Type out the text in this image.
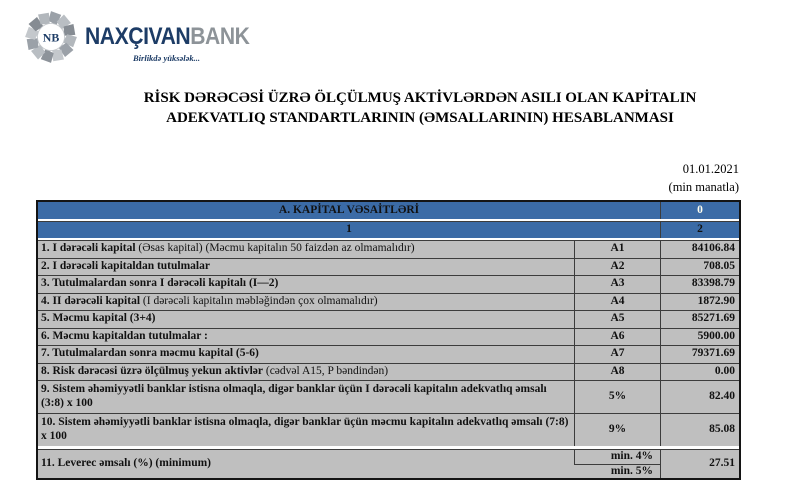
NB NAXÇIVANBANK
Birlikdə yüksələk...
RİSK DƏRƏCƏSİ ÜZRƏ ÖLÇÜLMUŞ AKTİVLƏRDƏN ASILI OLAN KAPİTALIN
ADEKVATLIQ STANDARTLARININ (ƏMSALLARININ) HESABLANMASI
01.01.2021
(min manatla)
A. KAPİTAL VƏSAİTLƏRİ		0

1		2

1. I dərəcəli kapital (Əsas kapital) (Məcmu kapitalın 50 faizdən az olmamalıdır)	A1	84106.84
2. I dərəcəli kapitaldan tutulmalar	A2	708.05
3. Tutulmalardan sonra I dərəcəli kapitalı (I—2)	A3	83398.79
4. II dərəcəli kapital (I dərəcəli kapitalın məbləğindən çox olmamalıdır)	A4	1872.90
5. Məcmu kapital (3+4)	A5	85271.69
6. Məcmu kapitaldan tutulmalar :	A6	5900.00
7. Tutulmalardan sonra məcmu kapital (5-6)	A7	79371.69
8. Risk dərəcəsi üzrə ölçülmuş yekun aktivlər (cədvəl A15, P bəndindən)	A8	0.00
9. Sistem əhəmiyyətli banklar istisna olmaqla, digər banklar üçün I dərəcəli kapitalın adekvatlıq əmsalı (3:8) x 100	5%	82.40
10. Sistem əhəmiyyətli banklar istisna olmaqla, digər banklar üçün məcmu kapitalın adekvatlıq əmsalı (7:8) x 100	9%	85.08

11. Leverec əmsalı (%) (minimum)	min. 4%	27.51
	min. 5%	
